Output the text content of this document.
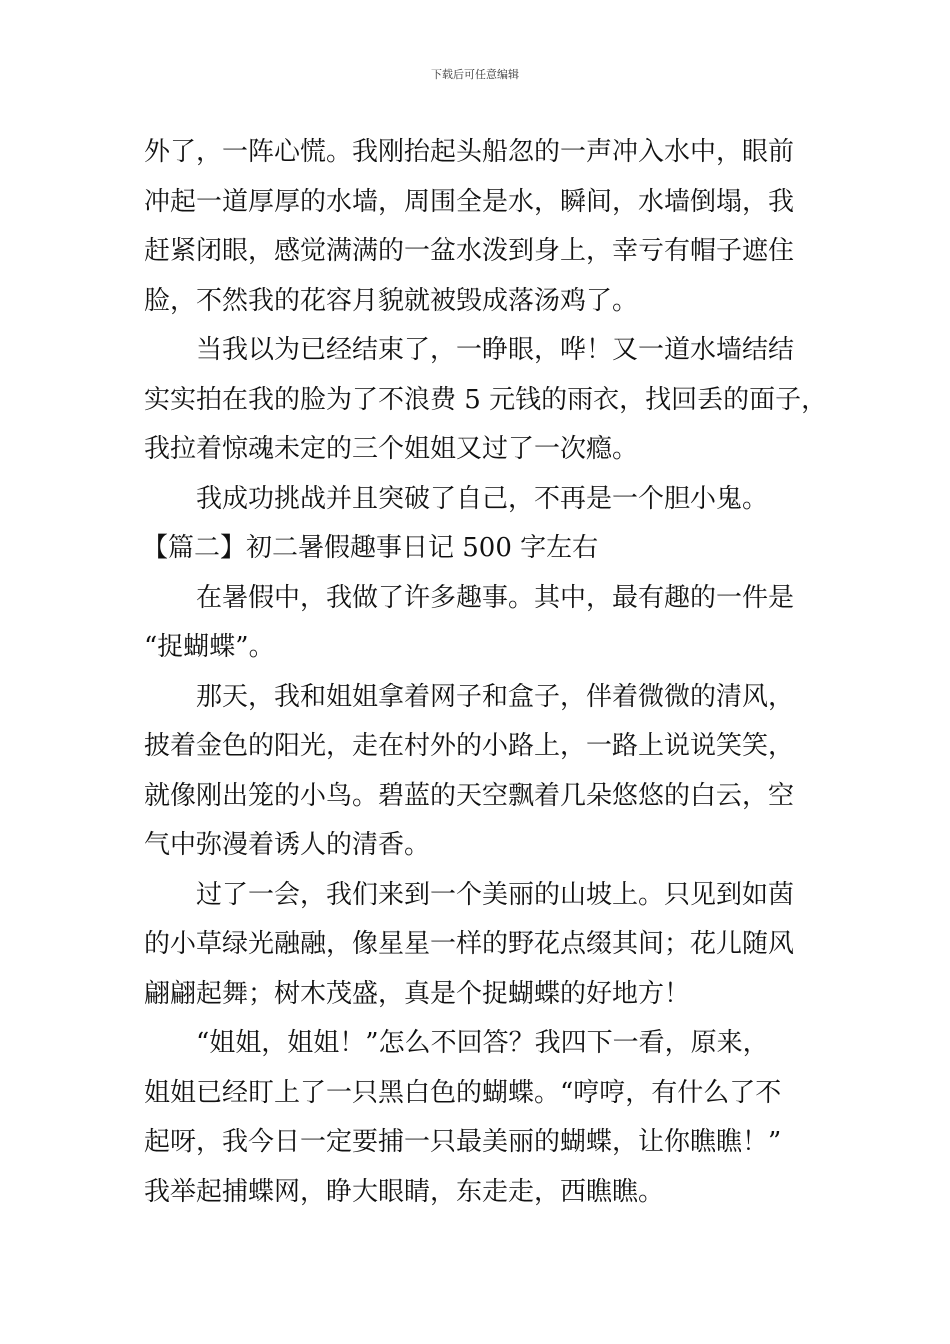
下载后可任意编辑
外了，一阵心慌。我刚抬起头船忽的一声冲入水中，眼前
冲起一道厚厚的水墙，周围全是水，瞬间，水墙倒塌，我
赶紧闭眼，感觉满满的一盆水泼到身上，幸亏有帽子遮住
脸，不然我的花容月貌就被毁成落汤鸡了。
当我以为已经结束了，一睁眼，哗！又一道水墙结结
实实拍在我的脸为了不浪费 5 元钱的雨衣，找回丢的面子，
我拉着惊魂未定的三个姐姐又过了一次瘾。
我成功挑战并且突破了自己，不再是一个胆小鬼。
【篇二】初二暑假趣事日记 500 字左右
在暑假中，我做了许多趣事。其中，最有趣的一件是
“捉蝴蝶”。
那天，我和姐姐拿着网子和盒子，伴着微微的清风，
披着金色的阳光，走在村外的小路上，一路上说说笑笑，
就像刚出笼的小鸟。碧蓝的天空飘着几朵悠悠的白云，空
气中弥漫着诱人的清香。
过了一会，我们来到一个美丽的山坡上。只见到如茵
的小草绿光融融，像星星一样的野花点缀其间；花儿随风
翩翩起舞；树木茂盛，真是个捉蝴蝶的好地方！
“姐姐，姐姐！”怎么不回答？我四下一看，原来，
姐姐已经盯上了一只黑白色的蝴蝶。“哼哼，有什么了不
起呀，我今日一定要捕一只最美丽的蝴蝶，让你瞧瞧！”
我举起捕蝶网，睁大眼睛，东走走，西瞧瞧。
